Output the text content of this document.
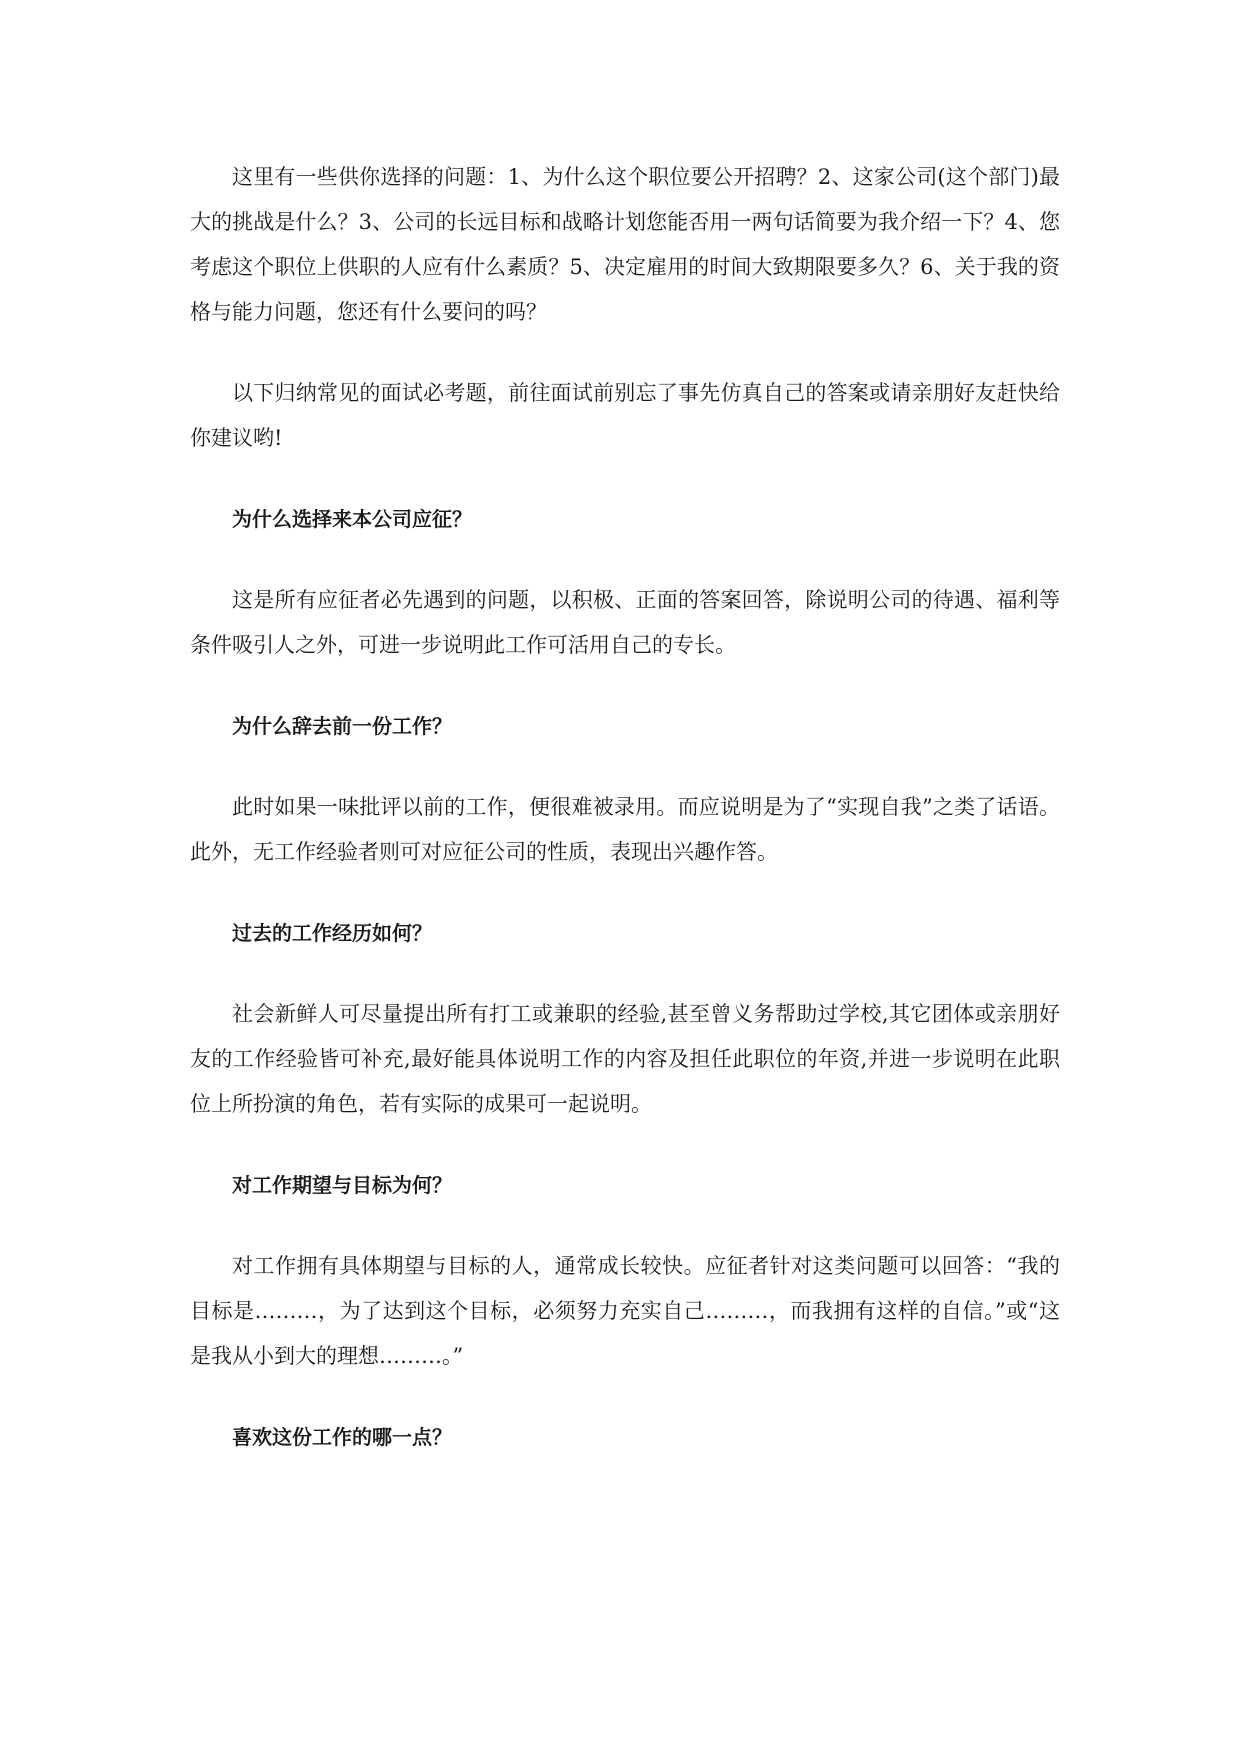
这里有一些供你选择的问题：1、为什么这个职位要公开招聘？2、这家公司(这个部门)最大的挑战是什么？3、公司的长远目标和战略计划您能否用一两句话简要为我介绍一下？4、您考虑这个职位上供职的人应有什么素质？5、决定雇用的时间大致期限要多久？6、关于我的资格与能力问题，您还有什么要问的吗？

以下归纳常见的面试必考题，前往面试前别忘了事先仿真自己的答案或请亲朋好友赶快给你建议哟!

为什么选择来本公司应征？

这是所有应征者必先遇到的问题，以积极、正面的答案回答，除说明公司的待遇、福利等条件吸引人之外，可进一步说明此工作可活用自己的专长。

为什么辞去前一份工作？

此时如果一味批评以前的工作，便很难被录用。而应说明是为了“实现自我”之类了话语。此外，无工作经验者则可对应征公司的性质，表现出兴趣作答。

过去的工作经历如何？

社会新鲜人可尽量提出所有打工或兼职的经验,甚至曾义务帮助过学校,其它团体或亲朋好友的工作经验皆可补充,最好能具体说明工作的内容及担任此职位的年资,并进一步说明在此职位上所扮演的角色，若有实际的成果可一起说明。

对工作期望与目标为何？

对工作拥有具体期望与目标的人，通常成长较快。应征者针对这类问题可以回答：“我的目标是………，为了达到这个目标，必须努力充实自己………，而我拥有这样的自信。”或“这是我从小到大的理想………。”

喜欢这份工作的哪一点？
